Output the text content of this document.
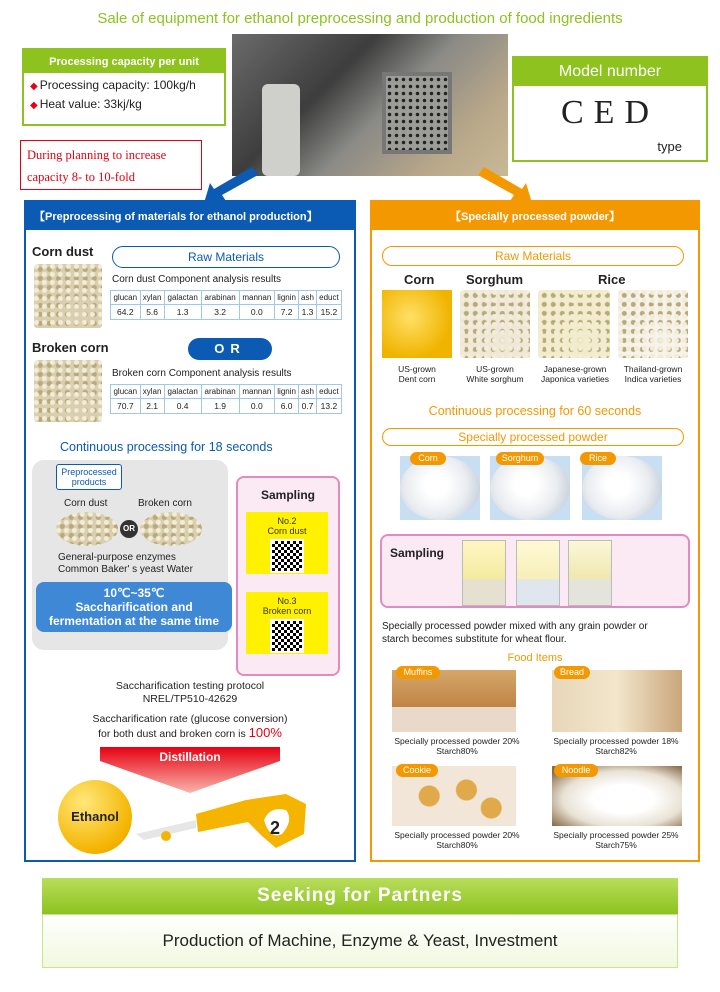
Sale of equipment for ethanol preprocessing and production of food ingredients
Processing capacity per unit
◆ Processing capacity: 100kg/h
◆ Heat value: 33kj/kg
Model number
CED
type
During planning to increase
capacity 8- to 10-fold
【Preprocessing of materials for ethanol production】
Corn dust	Raw Materials
Corn dust Component analysis results
glucan	xylan	galactan	arabinan	mannan	lignin	ash	educt
64.2	5.6	1.3	3.2	0.0	7.2	1.3	15.2
Broken corn	OR
Broken corn Component analysis results
glucan	xylan	galactan	arabinan	mannan	lignin	ash	educt
70.7	2.1	0.4	1.9	0.0	6.0	0.7	13.2
Continuous processing for 18 seconds
Preprocessed
products
Corn dust	Broken corn
OR
General-purpose enzymes
Common Baker' s yeast Water
10℃~35℃
Saccharification and
fermentation at the same time
Sampling
No.2
Corn dust
No.3
Broken corn
Saccharification testing protocol
NREL/TP510-42629
Saccharification rate (glucose conversion)
for both dust and broken corn is 100%
Distillation
Ethanol
2
【Specially processed powder】
Raw Materials
Corn Sorghum	Rice
US-grown
Dent corn
US-grown
White sorghum
Japanese-grown
Japonica varieties
Thailand-grown
Indica varieties
Continuous processing for 60 seconds
Specially processed powder
Corn	Sorghum	Rice
Sampling
Specially processed powder mixed with any grain powder or
starch becomes substitute for wheat flour.
Food Items
Muffins
Specially processed powder 20%
Starch80%
Bread
Specially processed powder 18%
Starch82%
Cookie
Specially processed powder 20%
Starch80%
Noodle
Specially processed powder 25%
Starch75%
Seeking for Partners
Production of Machine, Enzyme & Yeast, Investment
